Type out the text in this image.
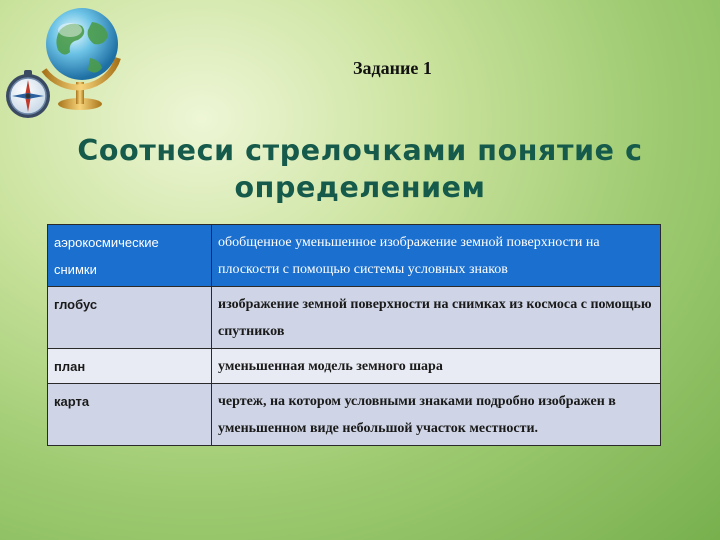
Задание 1
Соотнеси стрелочками понятие с определением
аэрокосмические снимки	обобщенное уменьшенное изображение земной поверхности на плоскости с помощью системы условных знаков
глобус	изображение земной поверхности на снимках из космоса с помощью спутников
план	уменьшенная модель земного шара
карта	чертеж, на котором условными знаками подробно изображен в уменьшенном виде небольшой участок местности.
